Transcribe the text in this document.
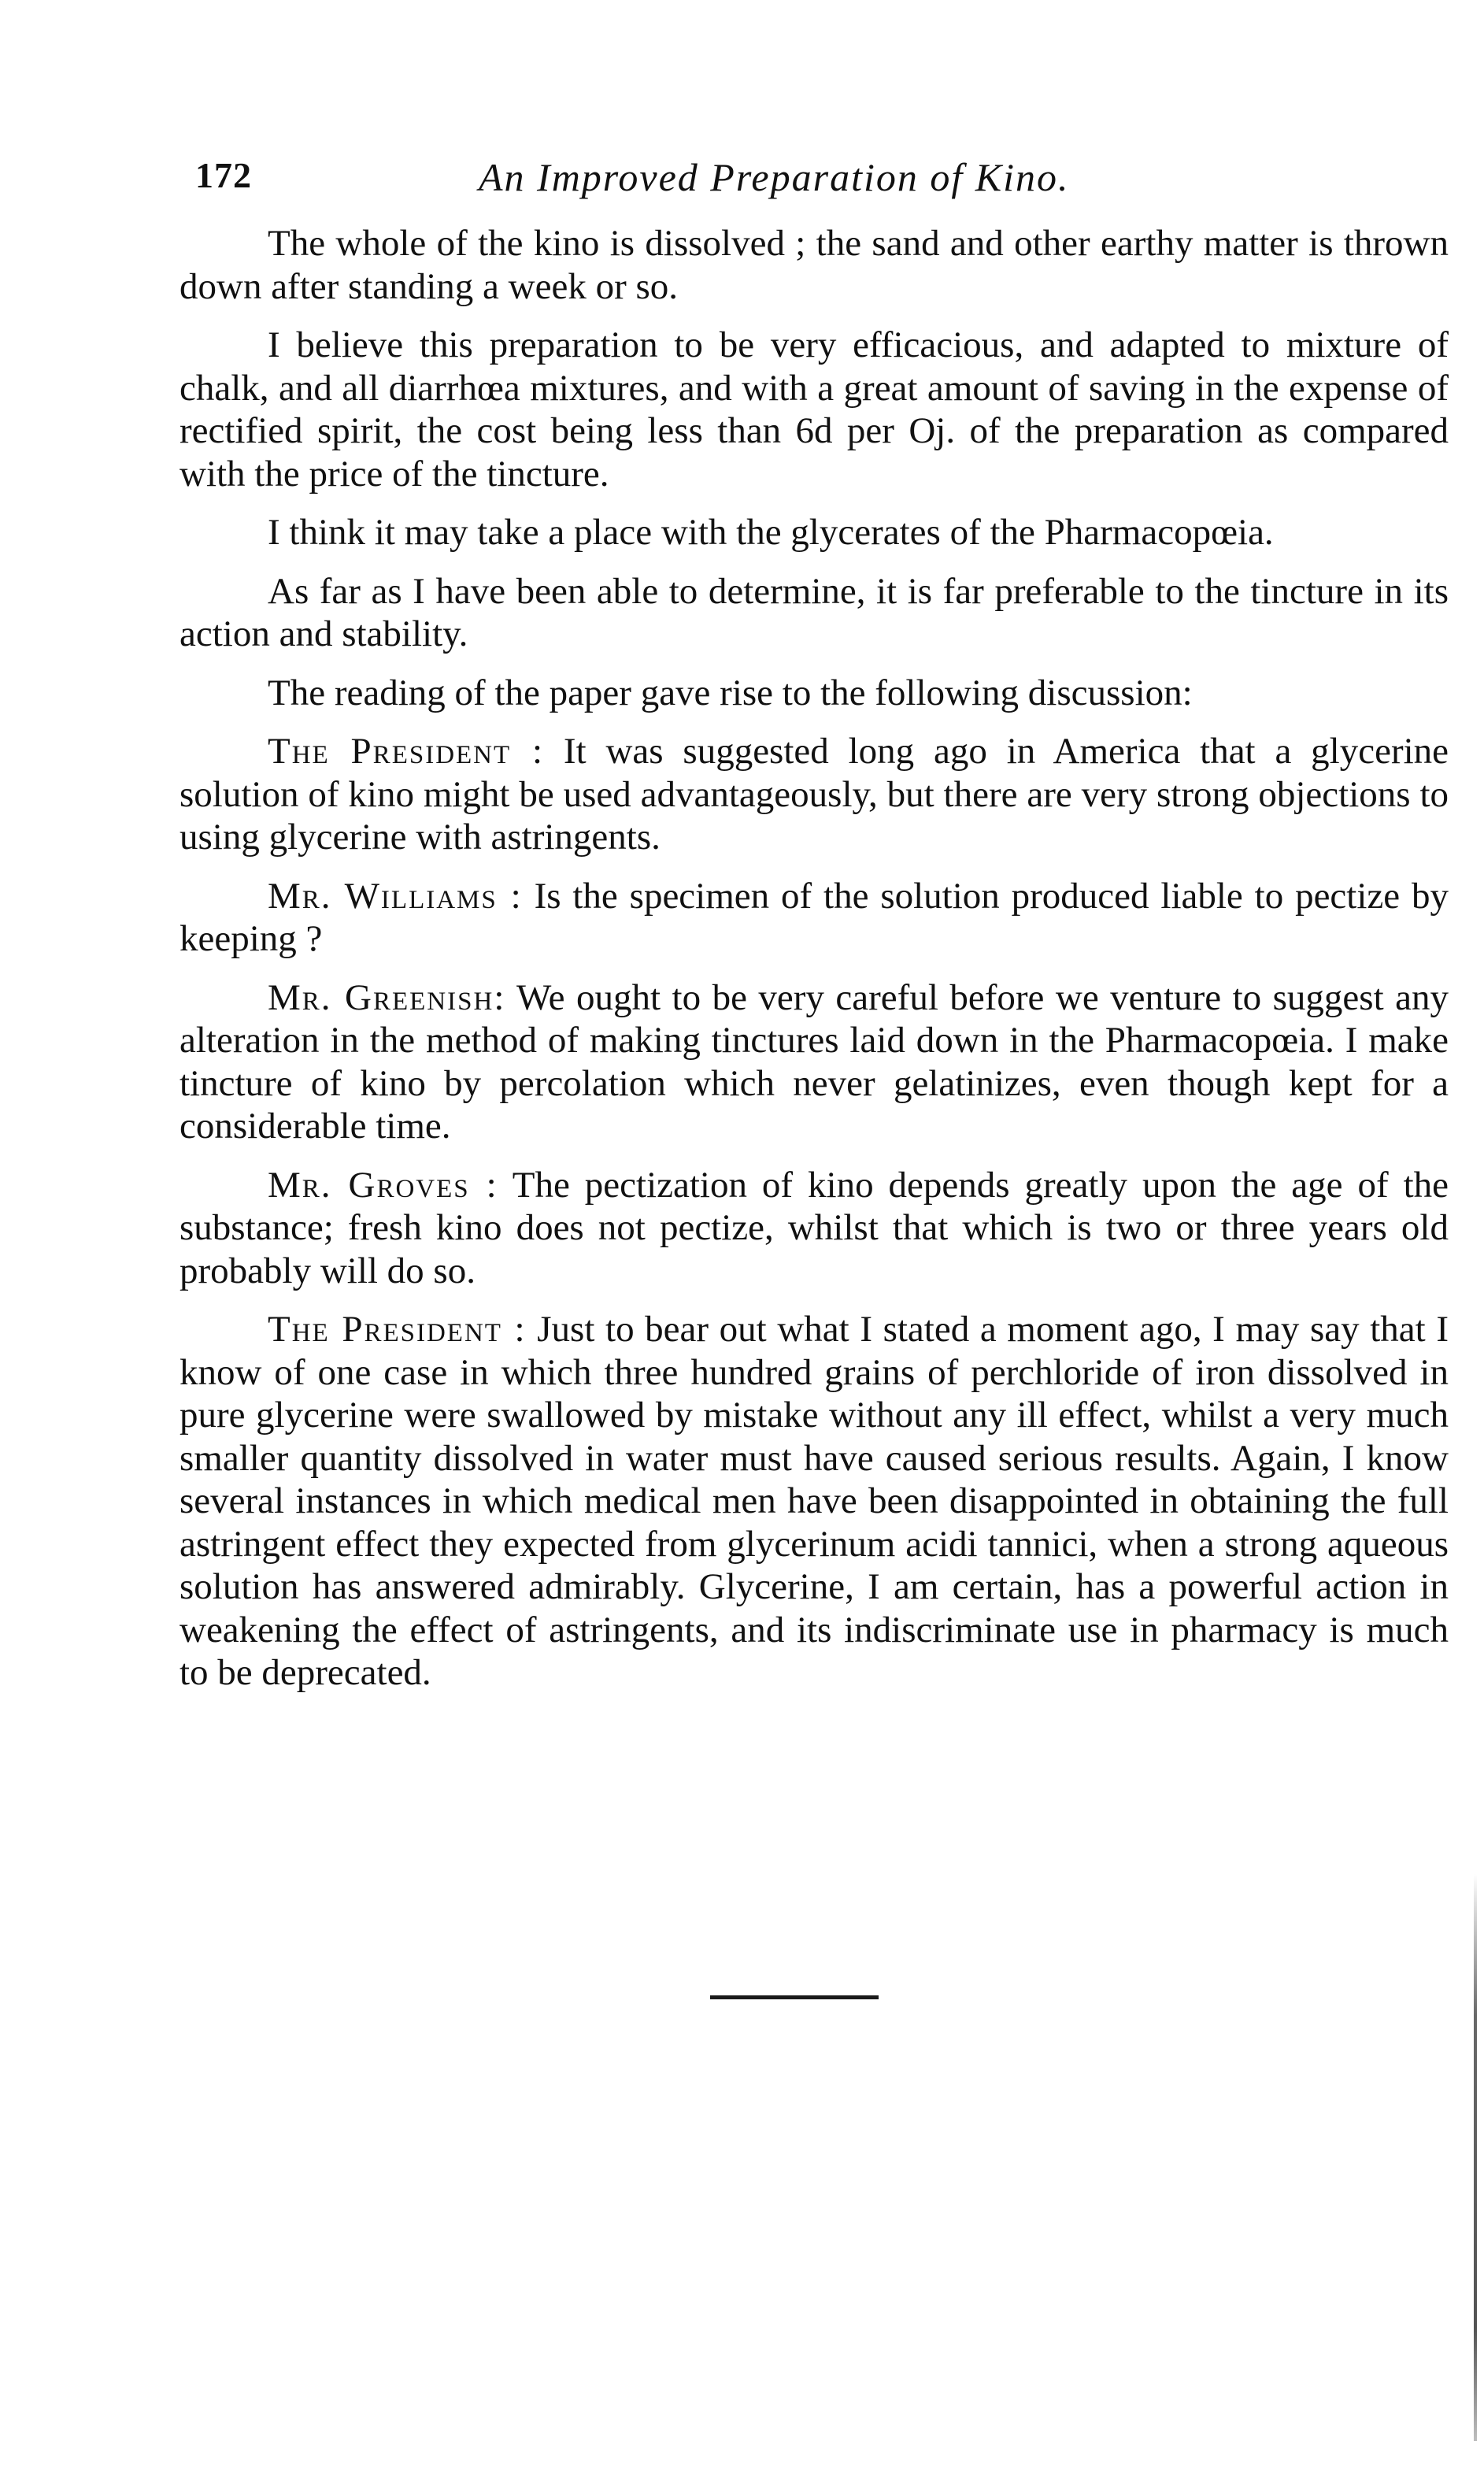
172	An Improved Preparation of Kino.

The whole of the kino is dissolved ; the sand and other earthy matter is thrown down after standing a week or so.

I believe this preparation to be very efficacious, and adapted to mixture of chalk, and all diarrhœa mixtures, and with a great amount of saving in the expense of rectified spirit, the cost being less than 6d per Oj. of the preparation as compared with the price of the tincture.

I think it may take a place with the glycerates of the Pharmacopœia.

As far as I have been able to determine, it is far preferable to the tincture in its action and stability.

The reading of the paper gave rise to the following discussion:

The President : It was suggested long ago in America that a glycerine solution of kino might be used advantageously, but there are very strong objections to using glycerine with astringents.

Mr. Williams : Is the specimen of the solution produced liable to pectize by keeping ?

Mr. Greenish: We ought to be very careful before we venture to suggest any alteration in the method of making tinctures laid down in the Pharmacopœia. I make tincture of kino by percolation which never gelatinizes, even though kept for a considerable time.

Mr. Groves : The pectization of kino depends greatly upon the age of the substance; fresh kino does not pectize, whilst that which is two or three years old probably will do so.

The President : Just to bear out what I stated a moment ago, I may say that I know of one case in which three hundred grains of perchloride of iron dissolved in pure glycerine were swallowed by mistake without any ill effect, whilst a very much smaller quantity dissolved in water must have caused serious results. Again, I know several instances in which medical men have been disappointed in obtaining the full astringent effect they expected from glycerinum acidi tannici, when a strong aqueous solution has answered admirably. Glycerine, I am certain, has a powerful action in weakening the effect of astringents, and its indiscriminate use in pharmacy is much to be deprecated.
